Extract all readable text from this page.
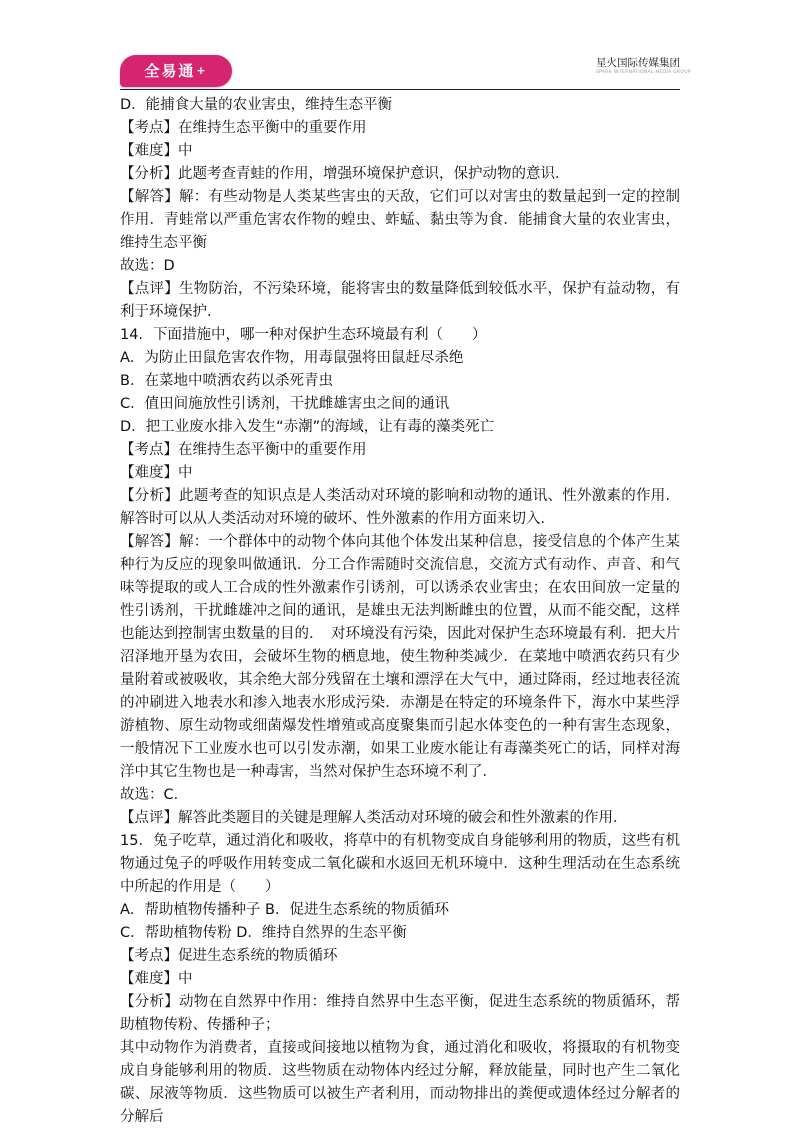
全易通+
星火国际传媒集团
SPARK INTERNATIONAL MEDIA GROUP
D．能捕食大量的农业害虫，维持生态平衡
【考点】在维持生态平衡中的重要作用
【难度】中
【分析】此题考查青蛙的作用，增强环境保护意识，保护动物的意识．
【解答】解：有些动物是人类某些害虫的天敌，它们可以对害虫的数量起到一定的控制作用．青蛙常以严重危害农作物的蝗虫、蚱蜢、黏虫等为食．能捕食大量的农业害虫，维持生态平衡
故选：D
【点评】生物防治，不污染环境，能将害虫的数量降低到较低水平，保护有益动物，有利于环境保护．
14．下面措施中，哪一种对保护生态环境最有利（　　）
A．为防止田鼠危害农作物，用毒鼠强将田鼠赶尽杀绝
B．在菜地中喷洒农药以杀死青虫
C．值田间施放性引诱剂，干扰雌雄害虫之间的通讯
D．把工业废水排入发生“赤潮”的海域，让有毒的藻类死亡
【考点】在维持生态平衡中的重要作用
【难度】中
【分析】此题考查的知识点是人类活动对环境的影响和动物的通讯、性外激素的作用．解答时可以从人类活动对环境的破坏、性外激素的作用方面来切入．
【解答】解：一个群体中的动物个体向其他个体发出某种信息，接受信息的个体产生某种行为反应的现象叫做通讯．分工合作需随时交流信息，交流方式有动作、声音、和气味等提取的或人工合成的性外激素作引诱剂，可以诱杀农业害虫；在农田间放一定量的性引诱剂，干扰雌雄冲之间的通讯，是雄虫无法判断雌虫的位置，从而不能交配，这样也能达到控制害虫数量的目的．　对环境没有污染，因此对保护生态环境最有利．把大片沼泽地开垦为农田，会破坏生物的栖息地，使生物种类减少．在菜地中喷洒农药只有少量附着或被吸收，其余绝大部分残留在土壤和漂浮在大气中，通过降雨，经过地表径流的冲刷进入地表水和渗入地表水形成污染．赤潮是在特定的环境条件下，海水中某些浮游植物、原生动物或细菌爆发性增殖或高度聚集而引起水体变色的一种有害生态现象，一般情况下工业废水也可以引发赤潮，如果工业废水能让有毒藻类死亡的话，同样对海洋中其它生物也是一种毒害，当然对保护生态环境不利了．
故选：C．
【点评】解答此类题目的关键是理解人类活动对环境的破会和性外激素的作用．
15．兔子吃草，通过消化和吸收，将草中的有机物变成自身能够利用的物质，这些有机物通过兔子的呼吸作用转变成二氧化碳和水返回无机环境中．这种生理活动在生态系统中所起的作用是（　　）
A．帮助植物传播种子 B．促进生态系统的物质循环
C．帮助植物传粉 D．维持自然界的生态平衡
【考点】促进生态系统的物质循环
【难度】中
【分析】动物在自然界中作用：维持自然界中生态平衡，促进生态系统的物质循环，帮助植物传粉、传播种子；
其中动物作为消费者，直接或间接地以植物为食，通过消化和吸收，将摄取的有机物变成自身能够利用的物质．这些物质在动物体内经过分解，释放能量，同时也产生二氧化碳、尿液等物质．这些物质可以被生产者利用，而动物排出的粪便或遗体经过分解者的分解后
